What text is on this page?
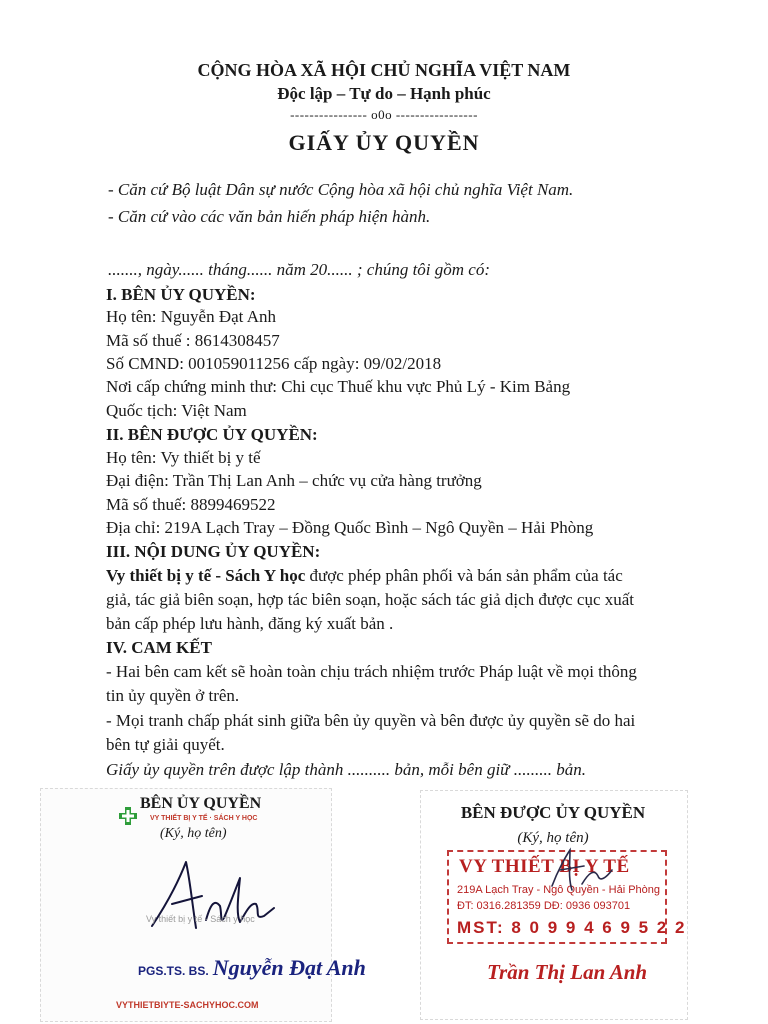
CỘNG HÒA XÃ HỘI CHỦ NGHĨA VIỆT NAM
Độc lập – Tự do – Hạnh phúc
---------------- o0o -----------------
GIẤY ỦY QUYỀN
- Căn cứ Bộ luật Dân sự nước Cộng hòa xã hội chủ nghĩa Việt Nam.
- Căn cứ vào các văn bản hiến pháp hiện hành.
......., ngày...... tháng...... năm 20...... ; chúng tôi gồm có:
I. BÊN ỦY QUYỀN:
Họ tên: Nguyễn Đạt Anh
Mã số thuế : 8614308457
Số CMND: 001059011256 cấp ngày: 09/02/2018
Nơi cấp chứng minh thư: Chi cục Thuế khu vực Phủ Lý - Kim Bảng
Quốc tịch: Việt Nam
II. BÊN ĐƯỢC ỦY QUYỀN:
Họ tên: Vy thiết bị y tế
Đại điện: Trần Thị Lan Anh – chức vụ cửa hàng trưởng
Mã số thuế: 8899469522
Địa chỉ: 219A Lạch Tray – Đồng Quốc Bình – Ngô Quyền – Hải Phòng
III. NỘI DUNG ỦY QUYỀN:
Vy thiết bị y tế - Sách Y học được phép phân phối và bán sản phẩm của tác
giả, tác giả biên soạn, hợp tác biên soạn, hoặc sách tác giả dịch được cục xuất
bản cấp phép lưu hành, đăng ký xuất bản .
IV. CAM KẾT
- Hai bên cam kết sẽ hoàn toàn chịu trách nhiệm trước Pháp luật về mọi thông
tin ủy quyền ở trên.
- Mọi tranh chấp phát sinh giữa bên ủy quyền và bên được ủy quyền sẽ do hai
bên tự giải quyết.
Giấy ủy quyền trên được lập thành .......... bản, mỗi bên giữ ......... bản.
BÊN ỦY QUYỀN
VY THIẾT BỊ Y TẾ · SÁCH Y HỌC
(Ký, họ tên)
Vy thiết bị y tế - Sách y học
PGS.TS. BS. Nguyễn Đạt Anh
VYTHIETBIYTE-SACHYHOC.COM
BÊN ĐƯỢC ỦY QUYỀN
(Ký, họ tên)
VY THIẾT BỊ Y TẾ
219A Lạch Tray - Ngô Quyền - Hải Phòng
ĐT: 0316.281359 DĐ: 0936 093701
MST: 8 0 9 9 4 6 9 5 2 2
Trần Thị Lan Anh
